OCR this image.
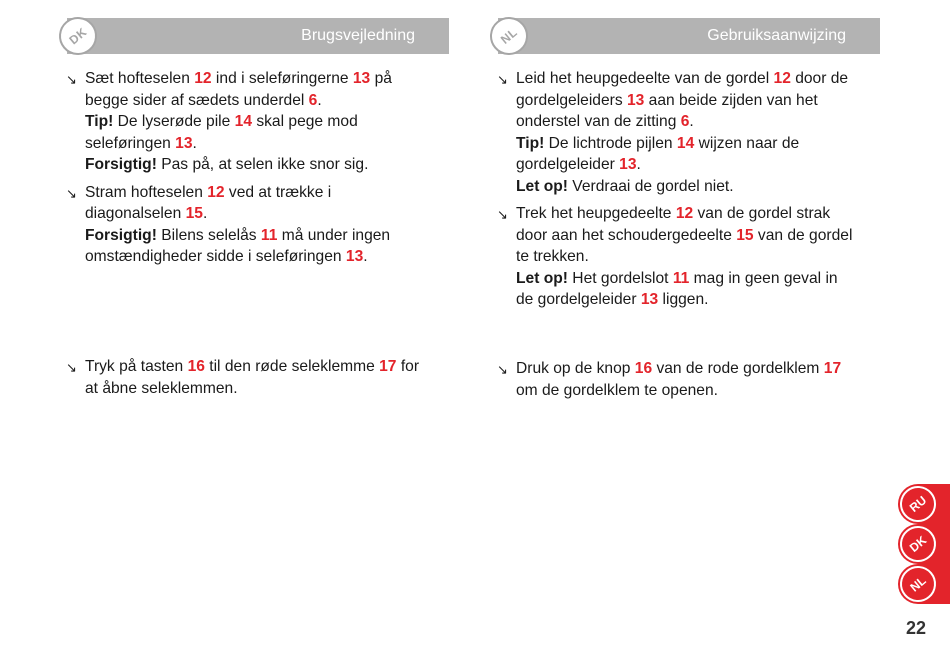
DK	Brugsvejledning
↘ Sæt hofteselen 12 ind i seleføringerne 13 på
begge sider af sædets underdel 6.
Tip! De lyserøde pile 14 skal pege mod
seleføringen 13.
Forsigtig! Pas på, at selen ikke snor sig.
↘ Stram hofteselen 12 ved at trække i
diagonalselen 15.
Forsigtig! Bilens selelås 11 må under ingen
omstændigheder sidde i seleføringen 13.
↘ Tryk på tasten 16 til den røde seleklemme 17 for
at åbne seleklemmen.
NL	Gebruiksaanwijzing
↘ Leid het heupgedeelte van de gordel 12 door de
gordelgeleiders 13 aan beide zijden van het
onderstel van de zitting 6.
Tip! De lichtrode pijlen 14 wijzen naar de
gordelgeleider 13.
Let op! Verdraai de gordel niet.
↘ Trek het heupgedeelte 12 van de gordel strak
door aan het schoudergedeelte 15 van de gordel
te trekken.
Let op! Het gordelslot 11 mag in geen geval in
de gordelgeleider 13 liggen.
↘ Druk op de knop 16 van de rode gordelklem 17
om de gordelklem te openen.
RU
DK
NL
22
